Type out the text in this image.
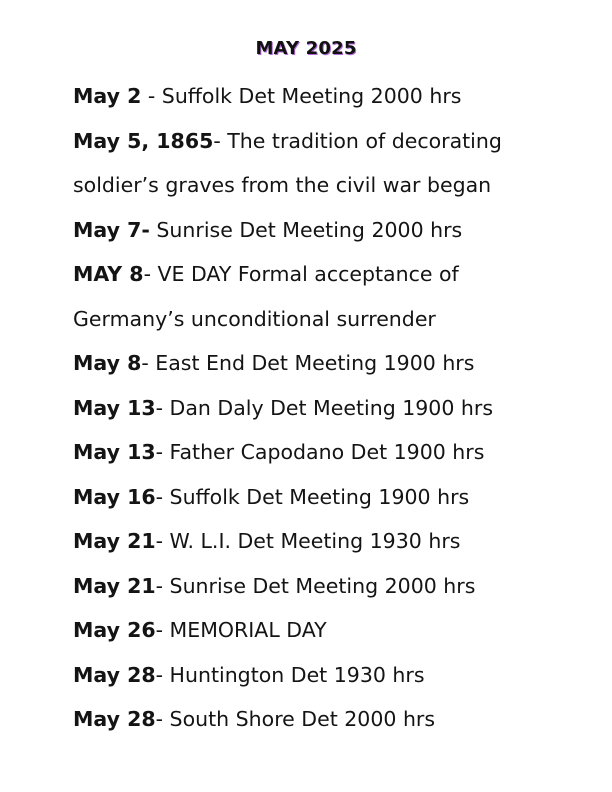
MAY 2025
May 2 - Suffolk Det Meeting 2000 hrs
May 5, 1865- The tradition of decorating
soldier’s graves from the civil war began
May 7- Sunrise Det Meeting 2000 hrs
MAY 8- VE DAY Formal acceptance of
Germany’s unconditional surrender
May 8- East End Det Meeting 1900 hrs
May 13- Dan Daly Det Meeting 1900 hrs
May 13- Father Capodano Det 1900 hrs
May 16- Suffolk Det Meeting 1900 hrs
May 21- W. L.I. Det Meeting 1930 hrs
May 21- Sunrise Det Meeting 2000 hrs
May 26- MEMORIAL DAY
May 28- Huntington Det 1930 hrs
May 28- South Shore Det 2000 hrs
